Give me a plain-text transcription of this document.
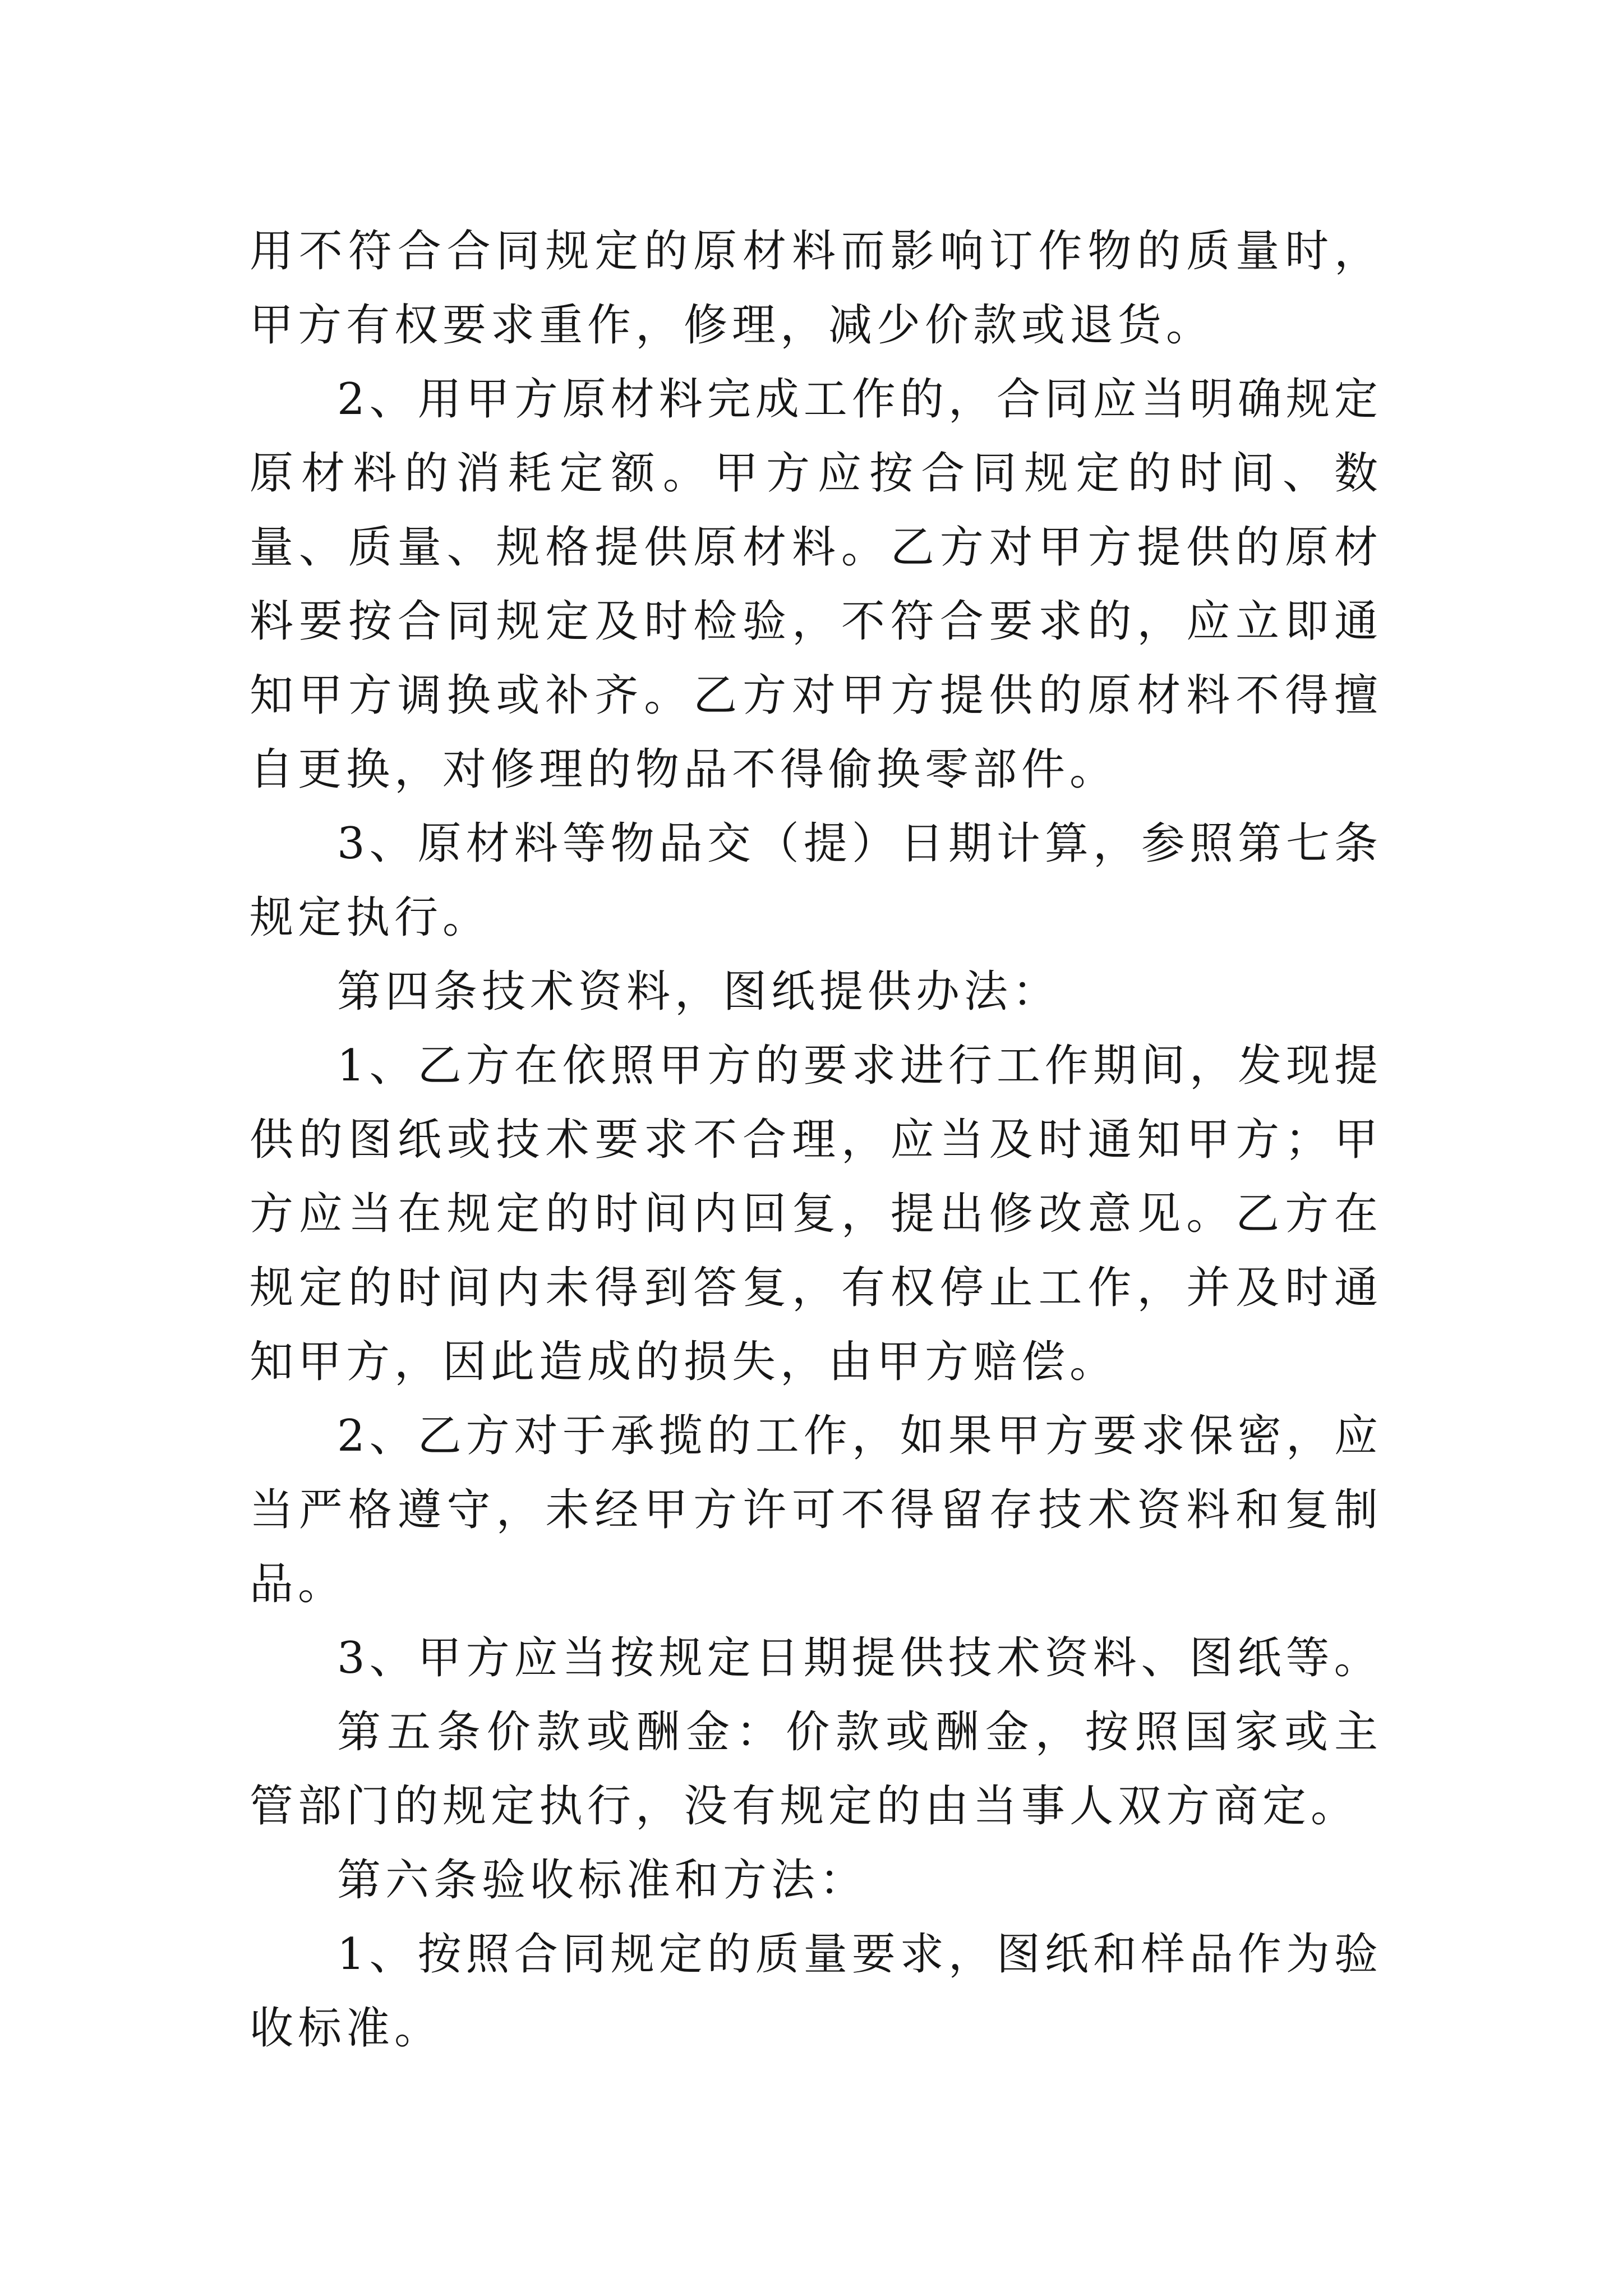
用不符合合同规定的原材料而影响订作物的质量时，甲方有权要求重作，修理，减少价款或退货。

2、用甲方原材料完成工作的，合同应当明确规定原材料的消耗定额。甲方应按合同规定的时间、数量、质量、规格提供原材料。乙方对甲方提供的原材料要按合同规定及时检验，不符合要求的，应立即通知甲方调换或补齐。乙方对甲方提供的原材料不得擅自更换，对修理的物品不得偷换零部件。

3、原材料等物品交（提）日期计算，参照第七条规定执行。

第四条技术资料，图纸提供办法：

1、乙方在依照甲方的要求进行工作期间，发现提供的图纸或技术要求不合理，应当及时通知甲方；甲方应当在规定的时间内回复，提出修改意见。乙方在规定的时间内未得到答复，有权停止工作，并及时通知甲方，因此造成的损失，由甲方赔偿。

2、乙方对于承揽的工作，如果甲方要求保密，应当严格遵守，未经甲方许可不得留存技术资料和复制品。

3、甲方应当按规定日期提供技术资料、图纸等。

第五条价款或酬金：价款或酬金，按照国家或主管部门的规定执行，没有规定的由当事人双方商定。

第六条验收标准和方法：

1、按照合同规定的质量要求，图纸和样品作为验收标准。
